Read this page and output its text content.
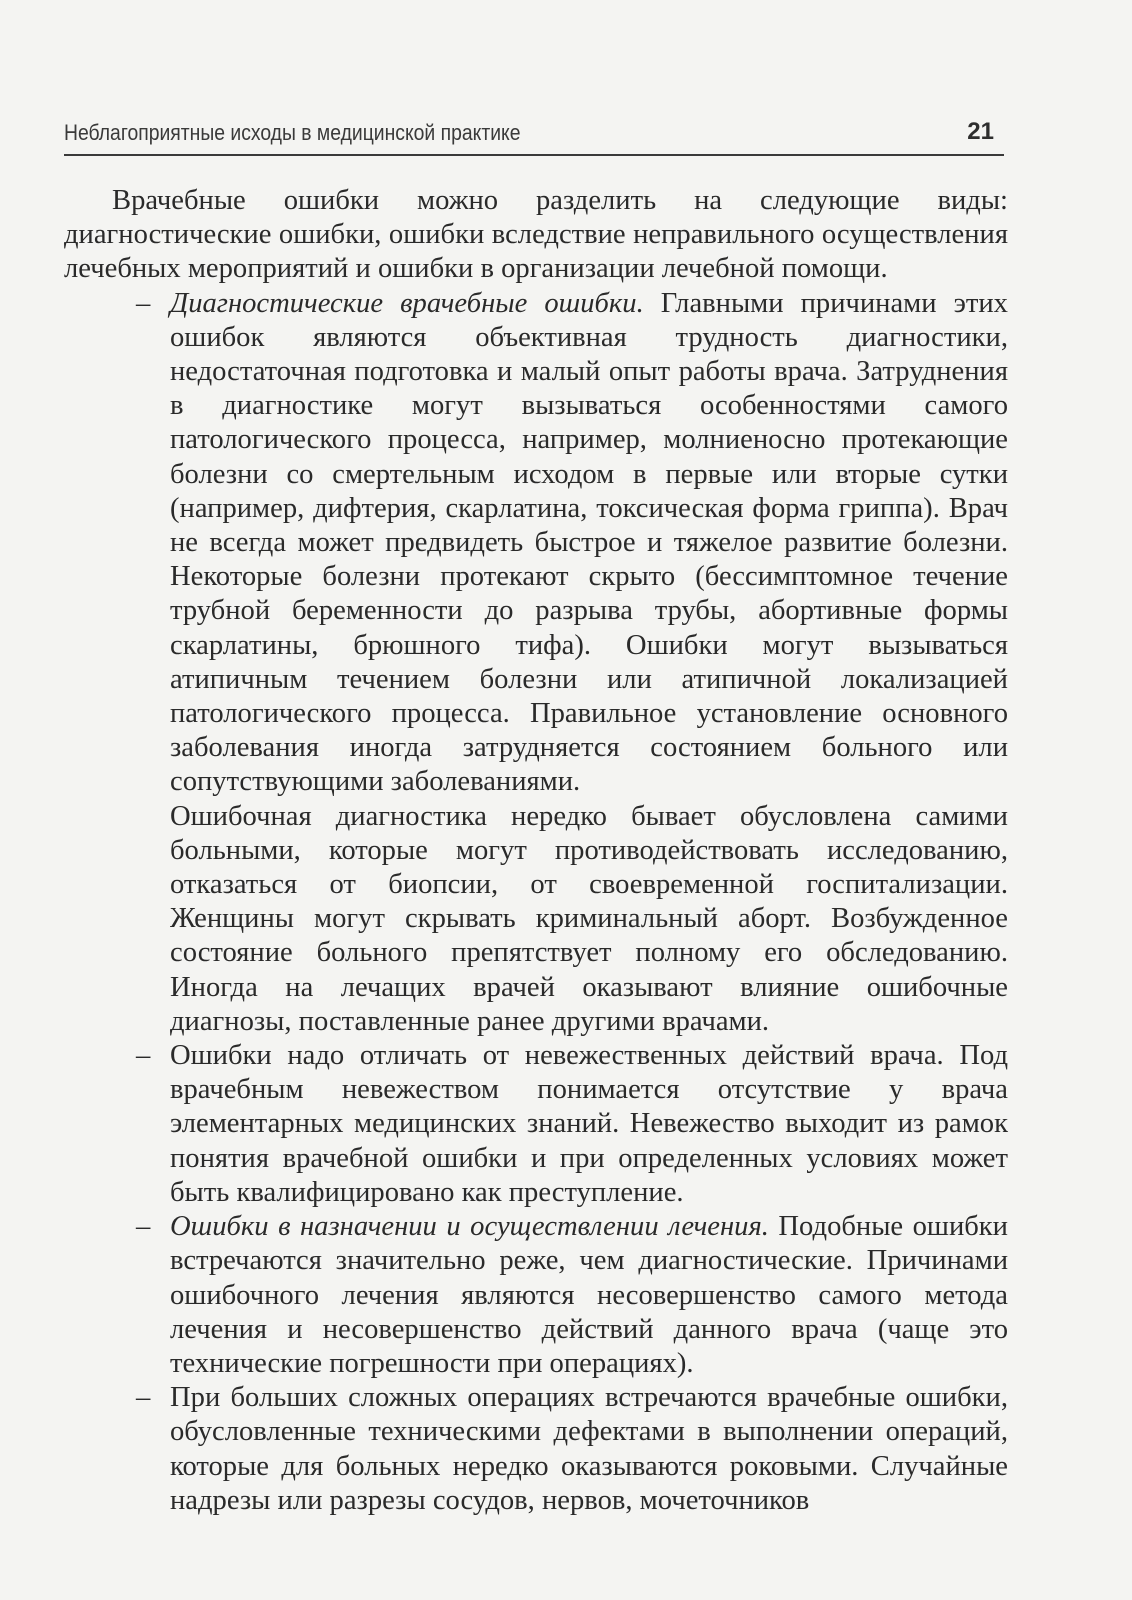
Неблагоприятные исходы в медицинской практике	21

Врачебные ошибки можно разделить на следующие виды: диагностические ошибки, ошибки вследствие неправильного осуществления лечебных мероприятий и ошибки в организации лечебной помощи.

– Диагностические врачебные ошибки. Главными причинами этих ошибок являются объективная трудность диагностики, недостаточная подготовка и малый опыт работы врача. Затруднения в диагностике могут вызываться особенностями самого патологического процесса, например, молниеносно протекающие болезни со смертельным исходом в первые или вторые сутки (например, дифтерия, скарлатина, токсическая форма гриппа). Врач не всегда может предвидеть быстрое и тяжелое развитие болезни. Некоторые болезни протекают скрыто (бессимптомное течение трубной беременности до разрыва трубы, абортивные формы скарлатины, брюшного тифа). Ошибки могут вызываться атипичным течением болезни или атипичной локализацией патологического процесса. Правильное установление основного заболевания иногда затрудняется состоянием больного или сопутствующими заболеваниями.

Ошибочная диагностика нередко бывает обусловлена самими больными, которые могут противодействовать исследованию, отказаться от биопсии, от своевременной госпитализации. Женщины могут скрывать криминальный аборт. Возбужденное состояние больного препятствует полному его обследованию. Иногда на лечащих врачей оказывают влияние ошибочные диагнозы, поставленные ранее другими врачами.

– Ошибки надо отличать от невежественных действий врача. Под врачебным невежеством понимается отсутствие у врача элементарных медицинских знаний. Невежество выходит из рамок понятия врачебной ошибки и при определенных условиях может быть квалифицировано как преступление.

– Ошибки в назначении и осуществлении лечения. Подобные ошибки встречаются значительно реже, чем диагностические. Причинами ошибочного лечения являются несовершенство самого метода лечения и несовершенство действий данного врача (чаще это технические погрешности при операциях).

– При больших сложных операциях встречаются врачебные ошибки, обусловленные техническими дефектами в выполнении операций, которые для больных нередко оказываются роковыми. Случайные надрезы или разрезы сосудов, нервов, мочеточников
